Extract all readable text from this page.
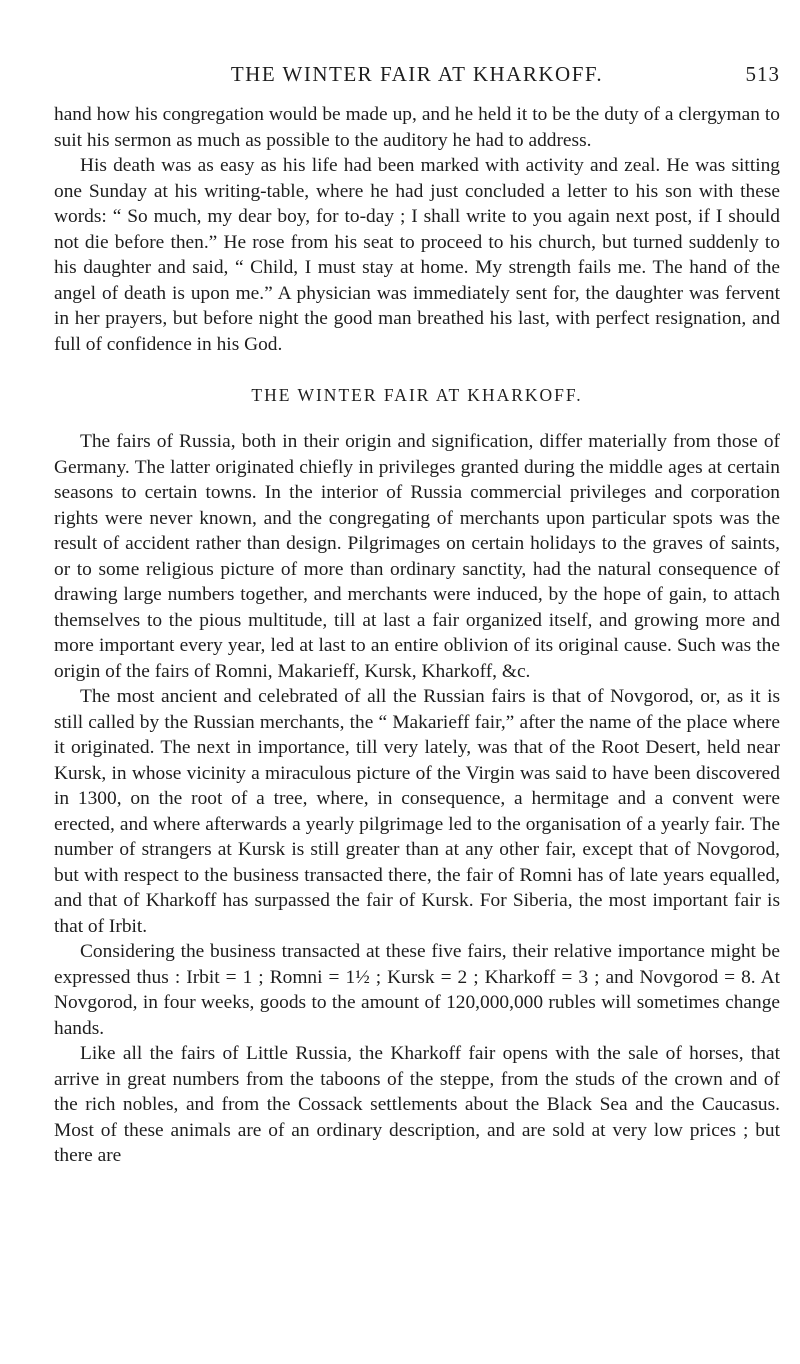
THE WINTER FAIR AT KHARKOFF.	513

hand how his congregation would be made up, and he held it to be the duty of a clergyman to suit his sermon as much as possible to the auditory he had to address.

His death was as easy as his life had been marked with activity and zeal. He was sitting one Sunday at his writing-table, where he had just concluded a letter to his son with these words: “ So much, my dear boy, for to-day ; I shall write to you again next post, if I should not die before then.” He rose from his seat to proceed to his church, but turned suddenly to his daughter and said, “ Child, I must stay at home. My strength fails me. The hand of the angel of death is upon me.” A physician was immediately sent for, the daughter was fervent in her prayers, but before night the good man breathed his last, with perfect resignation, and full of confidence in his God.

THE WINTER FAIR AT KHARKOFF.

The fairs of Russia, both in their origin and signification, differ materially from those of Germany. The latter originated chiefly in privileges granted during the middle ages at certain seasons to certain towns. In the interior of Russia commercial privileges and corporation rights were never known, and the congregating of merchants upon particular spots was the result of accident rather than design. Pilgrimages on certain holidays to the graves of saints, or to some religious picture of more than ordinary sanctity, had the natural consequence of drawing large numbers together, and merchants were induced, by the hope of gain, to attach themselves to the pious multitude, till at last a fair organized itself, and growing more and more important every year, led at last to an entire oblivion of its original cause. Such was the origin of the fairs of Romni, Makarieff, Kursk, Kharkoff, &c.

The most ancient and celebrated of all the Russian fairs is that of Novgorod, or, as it is still called by the Russian merchants, the “ Makarieff fair,” after the name of the place where it originated. The next in importance, till very lately, was that of the Root Desert, held near Kursk, in whose vicinity a miraculous picture of the Virgin was said to have been discovered in 1300, on the root of a tree, where, in consequence, a hermitage and a convent were erected, and where afterwards a yearly pilgrimage led to the organisation of a yearly fair. The number of strangers at Kursk is still greater than at any other fair, except that of Novgorod, but with respect to the business transacted there, the fair of Romni has of late years equalled, and that of Kharkoff has surpassed the fair of Kursk. For Siberia, the most important fair is that of Irbit.

Considering the business transacted at these five fairs, their relative importance might be expressed thus : Irbit = 1 ; Romni = 1½ ; Kursk = 2 ; Kharkoff = 3 ; and Novgorod = 8. At Novgorod, in four weeks, goods to the amount of 120,000,000 rubles will sometimes change hands.

Like all the fairs of Little Russia, the Kharkoff fair opens with the sale of horses, that arrive in great numbers from the taboons of the steppe, from the studs of the crown and of the rich nobles, and from the Cossack settlements about the Black Sea and the Caucasus. Most of these animals are of an ordinary description, and are sold at very low prices ; but there are
